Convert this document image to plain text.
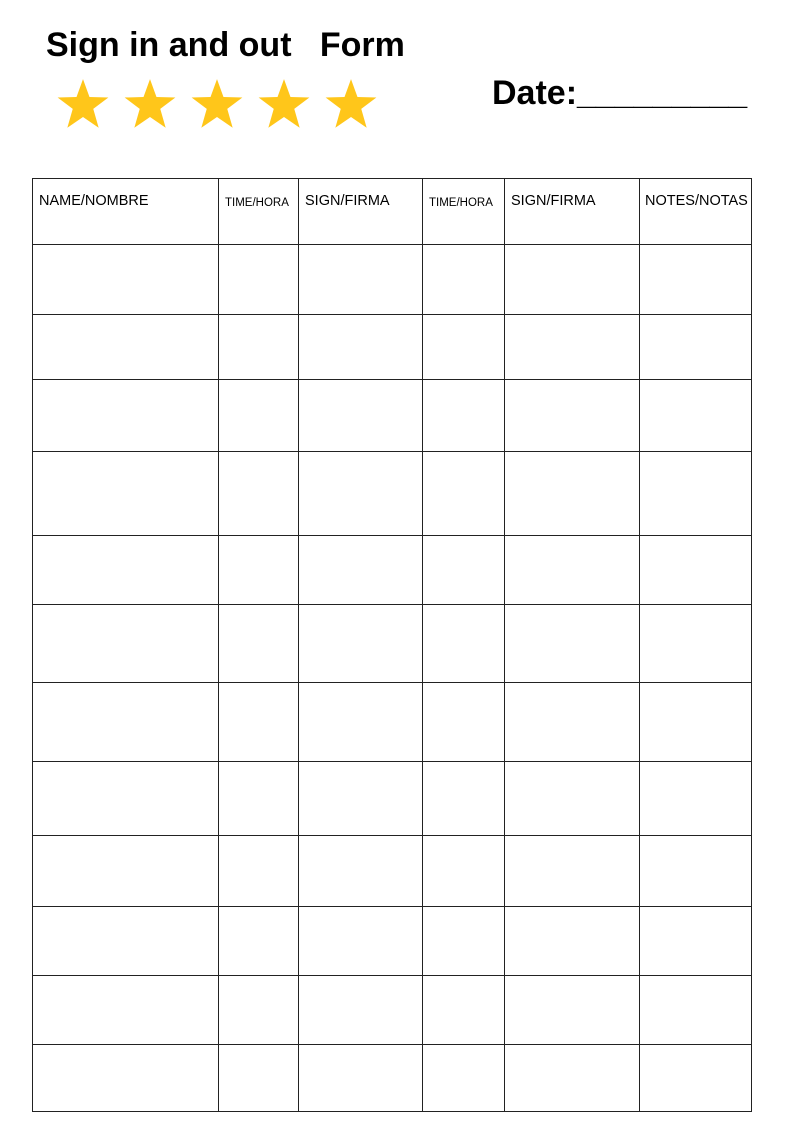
Sign in and out   Form
Date:_________
NAME/NOMBRE	TIME/HORA	SIGN/FIRMA	TIME/HORA	SIGN/FIRMA	NOTES/NOTAS
